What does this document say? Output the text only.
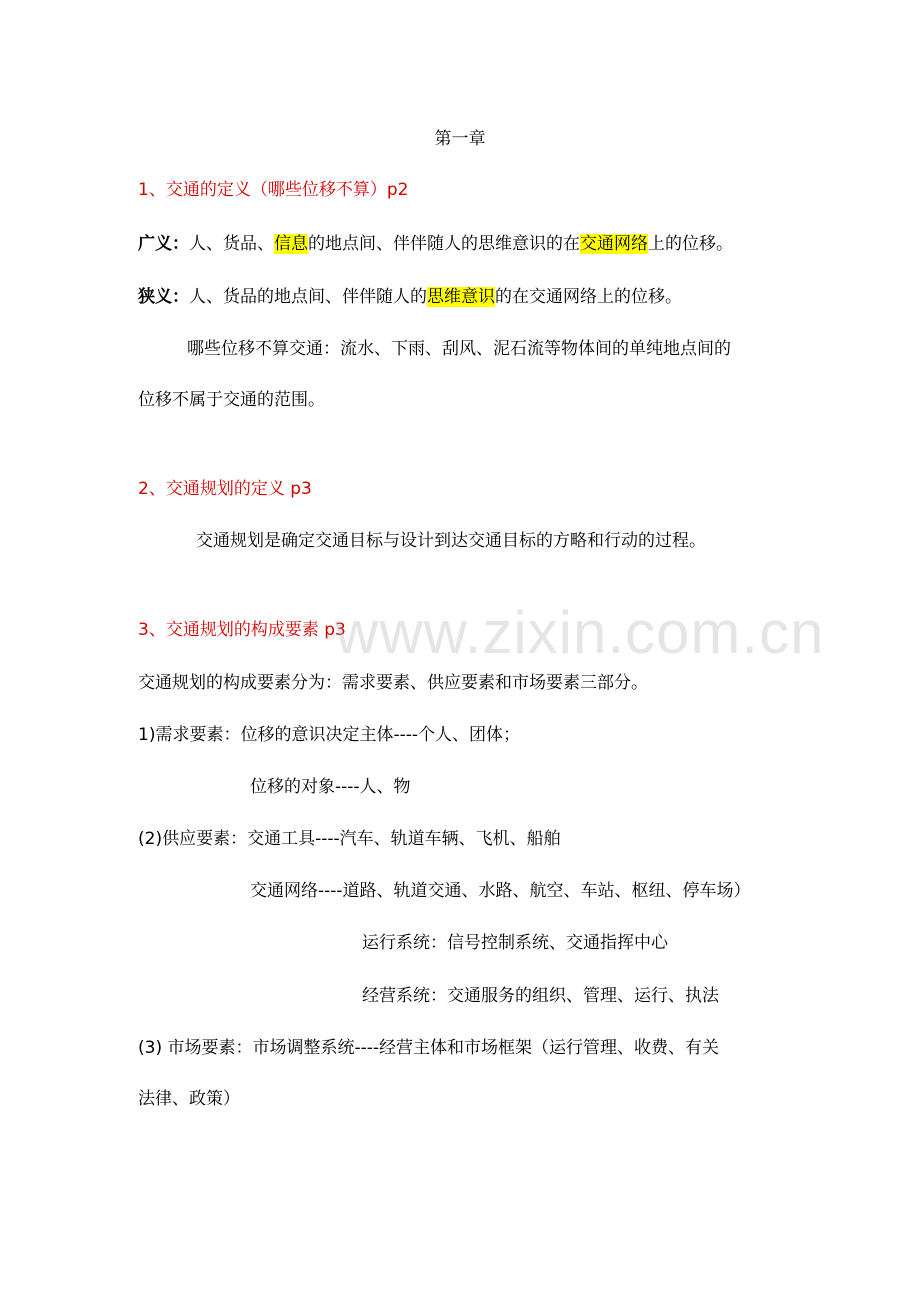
第一章
1、交通的定义（哪些位移不算）p2
广义：人、货品、信息的地点间、伴伴随人的思维意识的在交通网络上的位移。
狭义：人、货品的地点间、伴伴随人的思维意识的在交通网络上的位移。
哪些位移不算交通：流水、下雨、刮风、泥石流等物体间的单纯地点间的
位移不属于交通的范围。
2、交通规划的定义 p3
交通规划是确定交通目标与设计到达交通目标的方略和行动的过程。
3、交通规划的构成要素 p3
交通规划的构成要素分为：需求要素、供应要素和市场要素三部分。
1)需求要素：位移的意识决定主体----个人、团体；
位移的对象----人、物
(2)供应要素：交通工具----汽车、轨道车辆、飞机、船舶
交通网络----道路、轨道交通、水路、航空、车站、枢纽、停车场）
运行系统：信号控制系统、交通指挥中心
经营系统：交通服务的组织、管理、运行、执法
(3) 市场要素：市场调整系统----经营主体和市场框架（运行管理、收费、有关
法律、政策）
www.zixin.com.cn
